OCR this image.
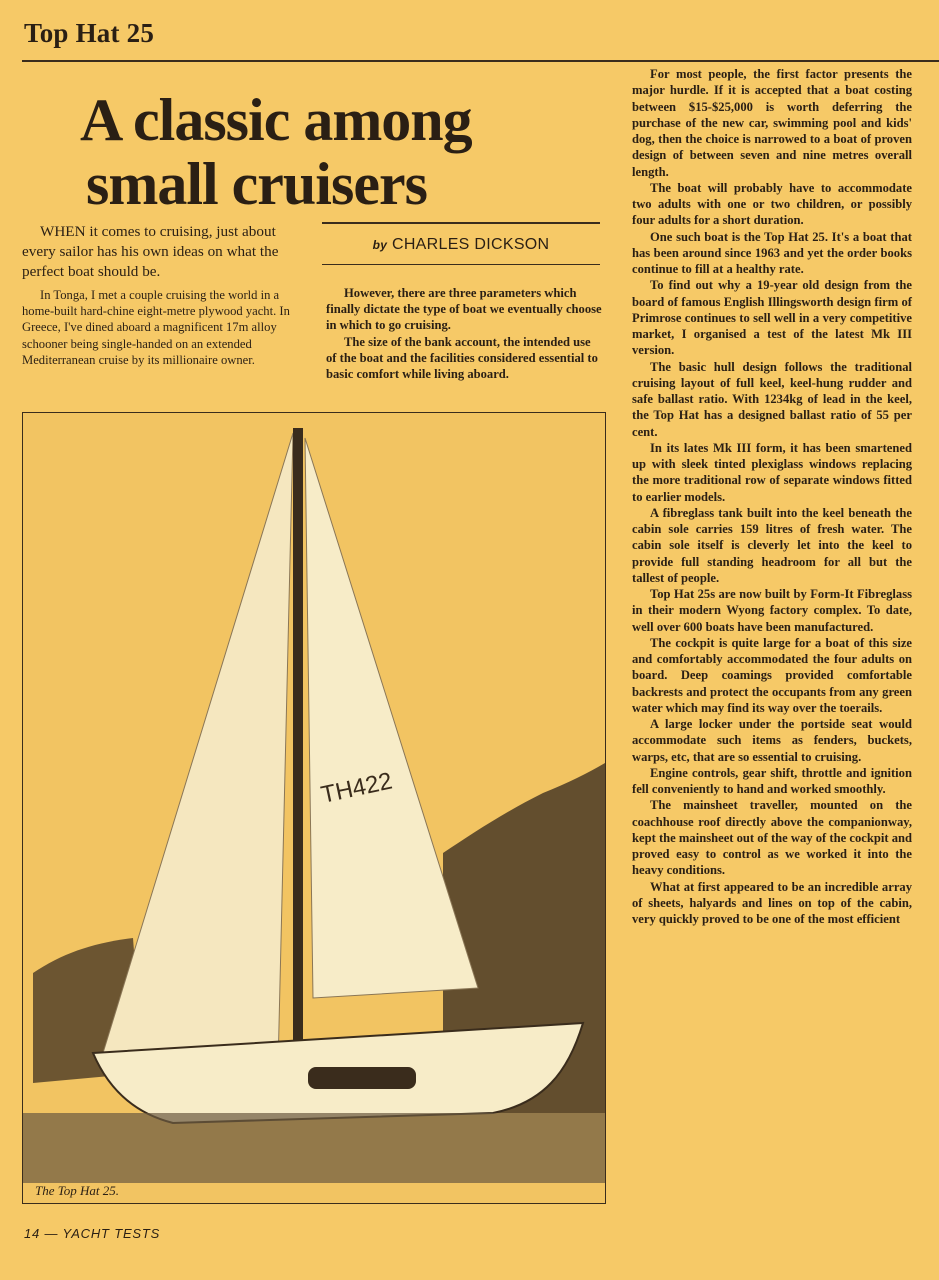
Top Hat 25
A classic among
small cruisers
WHEN it comes to cruising, just about every sailor has his own ideas on what the perfect boat should be.
by CHARLES DICKSON

In Tonga, I met a couple cruising the world in a home-built hard-chine eight-metre plywood yacht. In Greece, I've dined aboard a magnificent 17m alloy schooner being single-handed on an extended Mediterranean cruise by its millionaire owner.

However, there are three parameters which finally dictate the type of boat we eventually choose in which to go cruising.

The size of the bank account, the intended use of the boat and the facilities considered essential to basic comfort while living aboard.

For most people, the first factor presents the major hurdle. If it is accepted that a boat costing between $15-$25,000 is worth deferring the purchase of the new car, swimming pool and kids' dog, then the choice is narrowed to a boat of proven design of between seven and nine metres overall length.

The boat will probably have to accommodate two adults with one or two children, or possibly four adults for a short duration.

One such boat is the Top Hat 25. It's a boat that has been around since 1963 and yet the order books continue to fill at a healthy rate.

To find out why a 19-year old design from the board of famous English Illingsworth design firm of Primrose continues to sell well in a very competitive market, I organised a test of the latest Mk III version.

The basic hull design follows the traditional cruising layout of full keel, keel-hung rudder and safe ballast ratio. With 1234kg of lead in the keel, the Top Hat has a designed ballast ratio of 55 per cent.

In its lates Mk III form, it has been smartened up with sleek tinted plexiglass windows replacing the more traditional row of separate windows fitted to earlier models.

A fibreglass tank built into the keel beneath the cabin sole carries 159 litres of fresh water. The cabin sole itself is cleverly let into the keel to provide full standing headroom for all but the tallest of people.

Top Hat 25s are now built by Form-It Fibreglass in their modern Wyong factory complex. To date, well over 600 boats have been manufactured.

The cockpit is quite large for a boat of this size and comfortably accommodated the four adults on board. Deep coamings provided comfortable backrests and protect the occupants from any green water which may find its way over the toerails.

A large locker under the portside seat would accommodate such items as fenders, buckets, warps, etc, that are so essential to cruising.

Engine controls, gear shift, throttle and ignition fell conveniently to hand and worked smoothly.

The mainsheet traveller, mounted on the coachhouse roof directly above the companionway, kept the mainsheet out of the way of the cockpit and proved easy to control as we worked it into the heavy conditions.

What at first appeared to be an incredible array of sheets, halyards and lines on top of the cabin, very quickly proved to be one of the most efficient

TH422
The Top Hat 25.
14 — YACHT TESTS
